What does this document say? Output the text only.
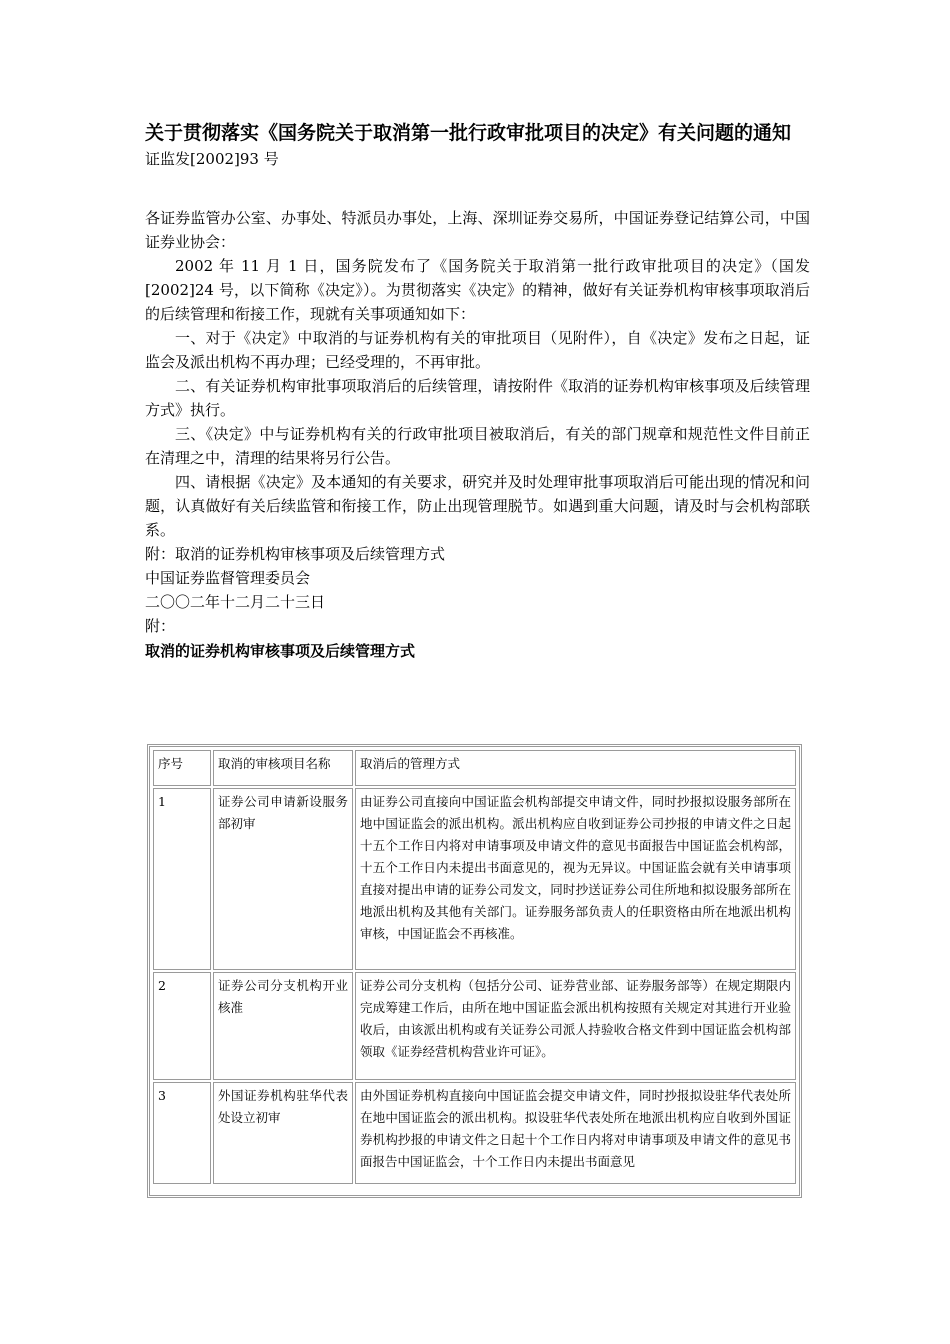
关于贯彻落实《国务院关于取消第一批行政审批项目的决定》有关问题的通知

证监发[2002]93 号

各证券监管办公室、办事处、特派员办事处，上海、深圳证券交易所，中国证券登记结算公司，中国证券业协会：

2002 年 11 月 1 日，国务院发布了《国务院关于取消第一批行政审批项目的决定》（国发[2002]24 号，以下简称《决定》）。为贯彻落实《决定》的精神，做好有关证券机构审核事项取消后的后续管理和衔接工作，现就有关事项通知如下：

一、对于《决定》中取消的与证券机构有关的审批项目（见附件），自《决定》发布之日起，证监会及派出机构不再办理；已经受理的，不再审批。

二、有关证券机构审批事项取消后的后续管理，请按附件《取消的证券机构审核事项及后续管理方式》执行。

三、《决定》中与证券机构有关的行政审批项目被取消后，有关的部门规章和规范性文件目前正在清理之中，清理的结果将另行公告。

四、请根据《决定》及本通知的有关要求，研究并及时处理审批事项取消后可能出现的情况和问题，认真做好有关后续监管和衔接工作，防止出现管理脱节。如遇到重大问题，请及时与会机构部联系。

附：取消的证券机构审核事项及后续管理方式

中国证券监督管理委员会

二〇〇二年十二月二十三日

附：

取消的证券机构审核事项及后续管理方式

序号	取消的审核项目名称	取消后的管理方式
1	证券公司申请新设服务部初审	由证券公司直接向中国证监会机构部提交申请文件，同时抄报拟设服务部所在地中国证监会的派出机构。派出机构应自收到证券公司抄报的申请文件之日起十五个工作日内将对申请事项及申请文件的意见书面报告中国证监会机构部，十五个工作日内未提出书面意见的，视为无异议。中国证监会就有关申请事项直接对提出申请的证券公司发文，同时抄送证券公司住所地和拟设服务部所在地派出机构及其他有关部门。证券服务部负责人的任职资格由所在地派出机构审核，中国证监会不再核准。
2	证券公司分支机构开业核准	证券公司分支机构（包括分公司、证券营业部、证券服务部等）在规定期限内完成筹建工作后，由所在地中国证监会派出机构按照有关规定对其进行开业验收后，由该派出机构或有关证券公司派人持验收合格文件到中国证监会机构部领取《证券经营机构营业许可证》。
3	外国证券机构驻华代表处设立初审	由外国证券机构直接向中国证监会提交申请文件，同时抄报拟设驻华代表处所在地中国证监会的派出机构。拟设驻华代表处所在地派出机构应自收到外国证券机构抄报的申请文件之日起十个工作日内将对申请事项及申请文件的意见书面报告中国证监会，十个工作日内未提出书面意见
